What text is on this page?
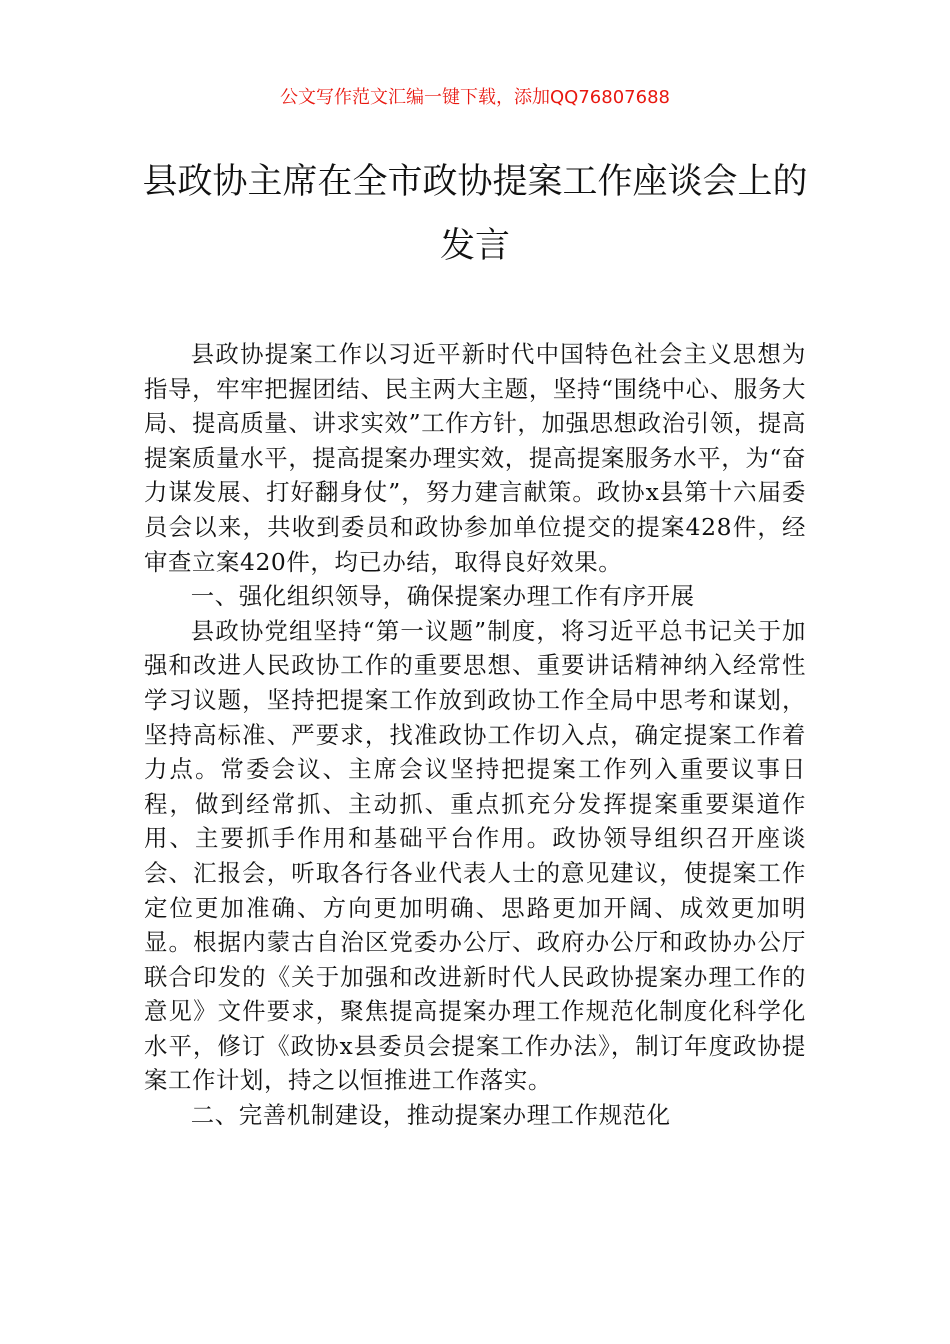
公文写作范文汇编一键下载，添加QQ76807688
县政协主席在全市政协提案工作座谈会上的发言

县政协提案工作以习近平新时代中国特色社会主义思想为指导，牢牢把握团结、民主两大主题，坚持“围绕中心、服务大局、提高质量、讲求实效”工作方针，加强思想政治引领，提高提案质量水平，提高提案办理实效，提高提案服务水平，为“奋力谋发展、打好翻身仗”，努力建言献策。政协x县第十六届委员会以来，共收到委员和政协参加单位提交的提案428件，经审查立案420件，均已办结，取得良好效果。

一、强化组织领导，确保提案办理工作有序开展

县政协党组坚持“第一议题”制度，将习近平总书记关于加强和改进人民政协工作的重要思想、重要讲话精神纳入经常性学习议题，坚持把提案工作放到政协工作全局中思考和谋划，坚持高标准、严要求，找准政协工作切入点，确定提案工作着力点。常委会议、主席会议坚持把提案工作列入重要议事日程，做到经常抓、主动抓、重点抓充分发挥提案重要渠道作用、主要抓手作用和基础平台作用。政协领导组织召开座谈会、汇报会，听取各行各业代表人士的意见建议，使提案工作定位更加准确、方向更加明确、思路更加开阔、成效更加明显。根据内蒙古自治区党委办公厅、政府办公厅和政协办公厅联合印发的《关于加强和改进新时代人民政协提案办理工作的意见》文件要求，聚焦提高提案办理工作规范化制度化科学化水平，修订《政协x县委员会提案工作办法》，制订年度政协提案工作计划，持之以恒推进工作落实。

二、完善机制建设，推动提案办理工作规范化
